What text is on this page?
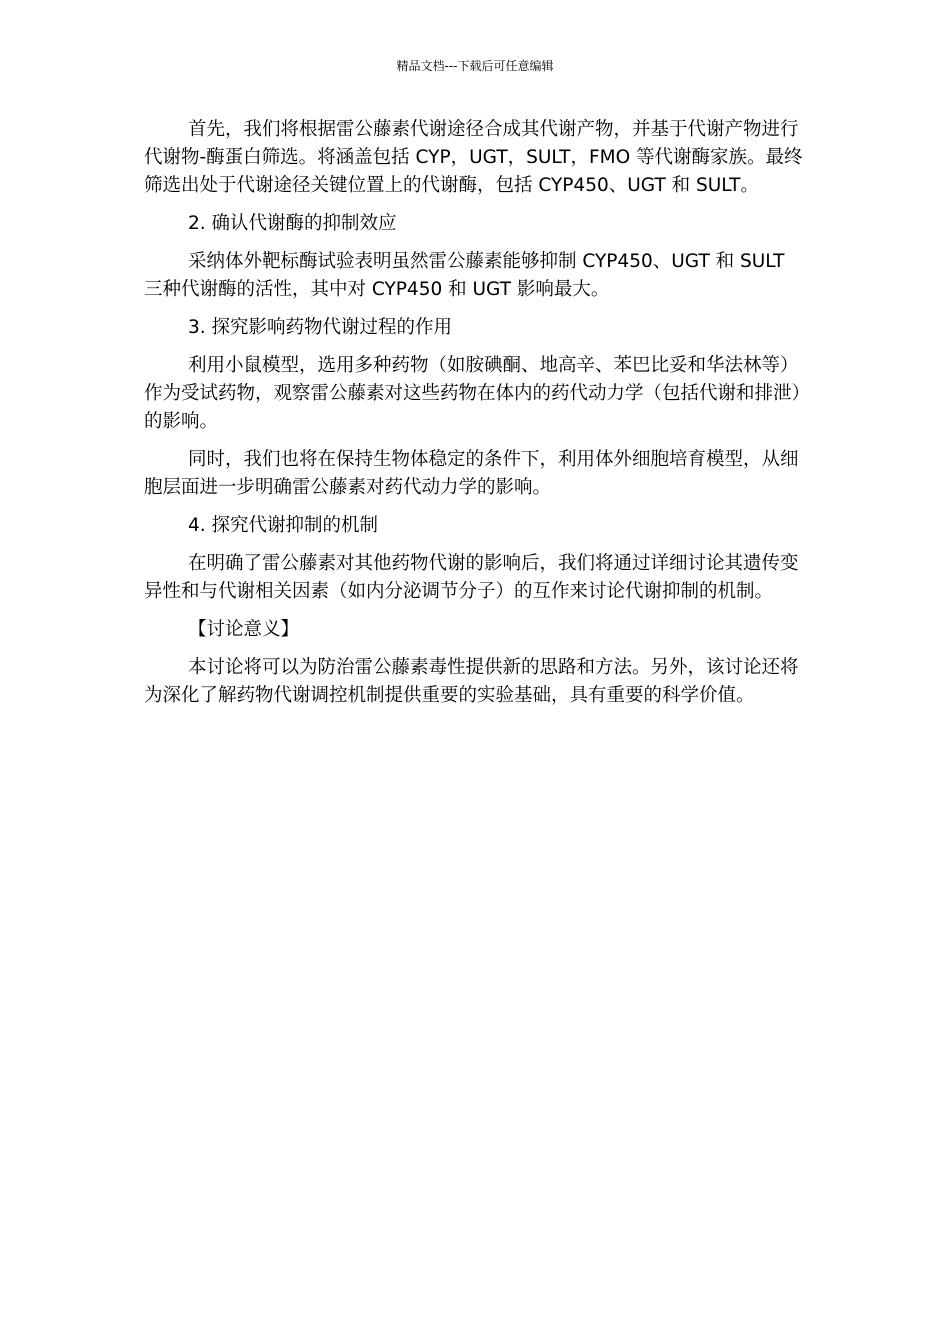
精品文档---下载后可任意编辑

首先，我们将根据雷公藤素代谢途径合成其代谢产物，并基于代谢产物进行代谢物-酶蛋白筛选。将涵盖包括 CYP，UGT，SULT，FMO 等代谢酶家族。最终筛选出处于代谢途径关键位置上的代谢酶，包括 CYP450、UGT 和 SULT。

2. 确认代谢酶的抑制效应

采纳体外靶标酶试验表明虽然雷公藤素能够抑制 CYP450、UGT 和 SULT 三种代谢酶的活性，其中对 CYP450 和 UGT 影响最大。

3. 探究影响药物代谢过程的作用

利用小鼠模型，选用多种药物（如胺碘酮、地高辛、苯巴比妥和华法林等）作为受试药物，观察雷公藤素对这些药物在体内的药代动力学（包括代谢和排泄）的影响。

同时，我们也将在保持生物体稳定的条件下，利用体外细胞培育模型，从细胞层面进一步明确雷公藤素对药代动力学的影响。

4. 探究代谢抑制的机制

在明确了雷公藤素对其他药物代谢的影响后，我们将通过详细讨论其遗传变异性和与代谢相关因素（如内分泌调节分子）的互作来讨论代谢抑制的机制。

【讨论意义】

本讨论将可以为防治雷公藤素毒性提供新的思路和方法。另外，该讨论还将为深化了解药物代谢调控机制提供重要的实验基础，具有重要的科学价值。
